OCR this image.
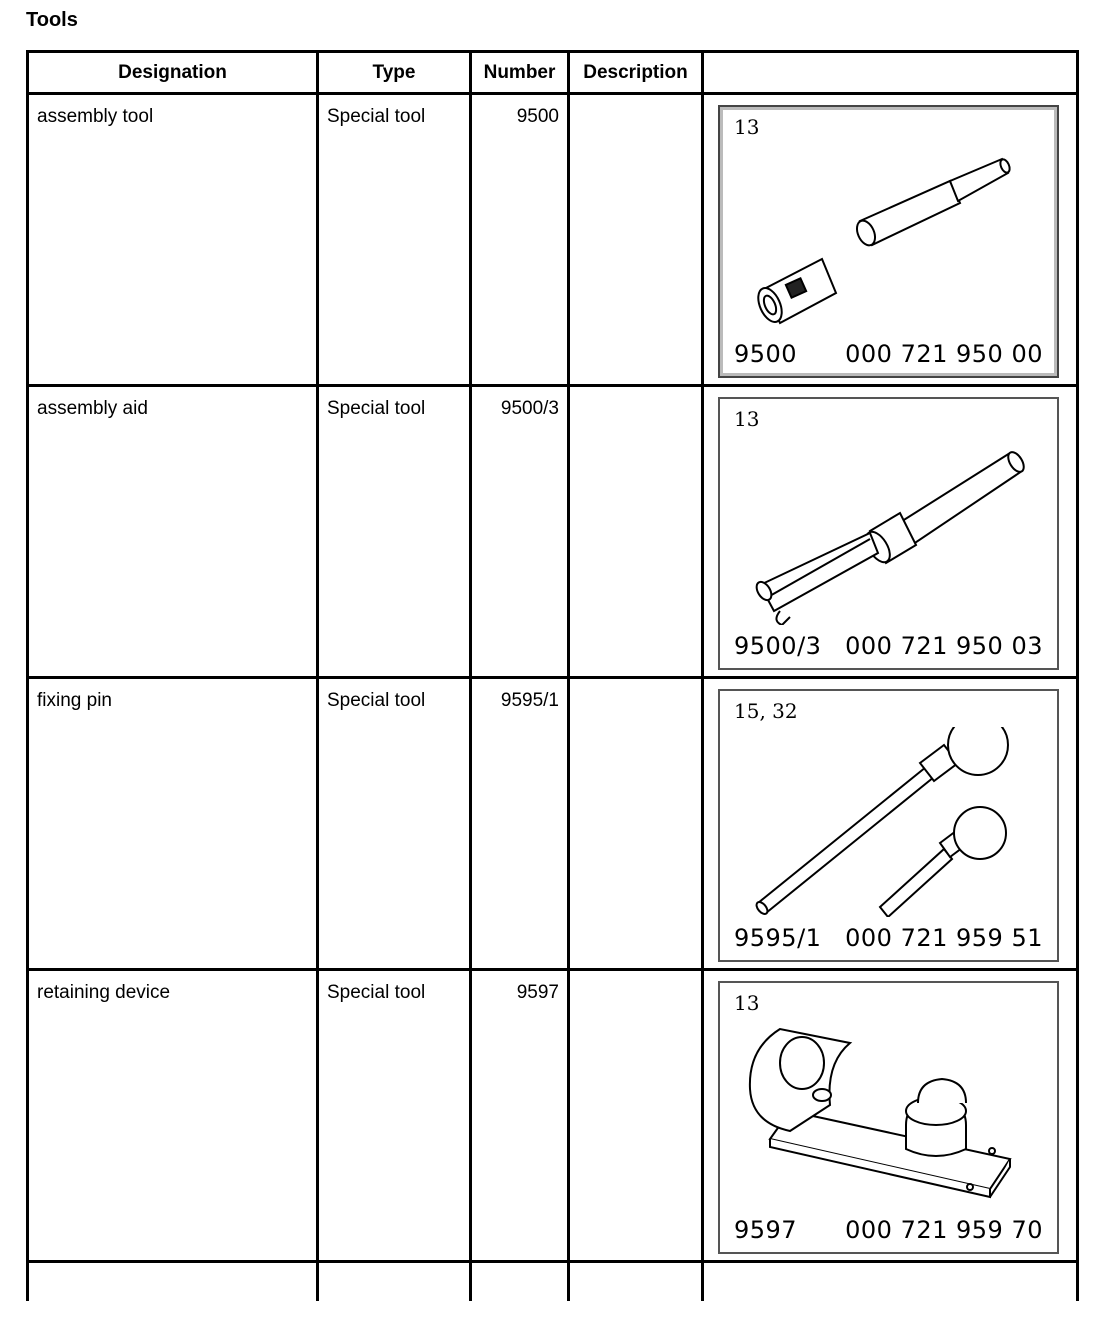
Tools
Designation	Type	Number	Description	

assembly tool	Special tool	9500		13
9500 000 721 950 00

assembly aid	Special tool	9500/3		13
9500/3 000 721 950 03

fixing pin	Special tool	9595/1		15, 32
9595/1 000 721 959 51

retaining device	Special tool	9597		13
9597 000 721 959 70
